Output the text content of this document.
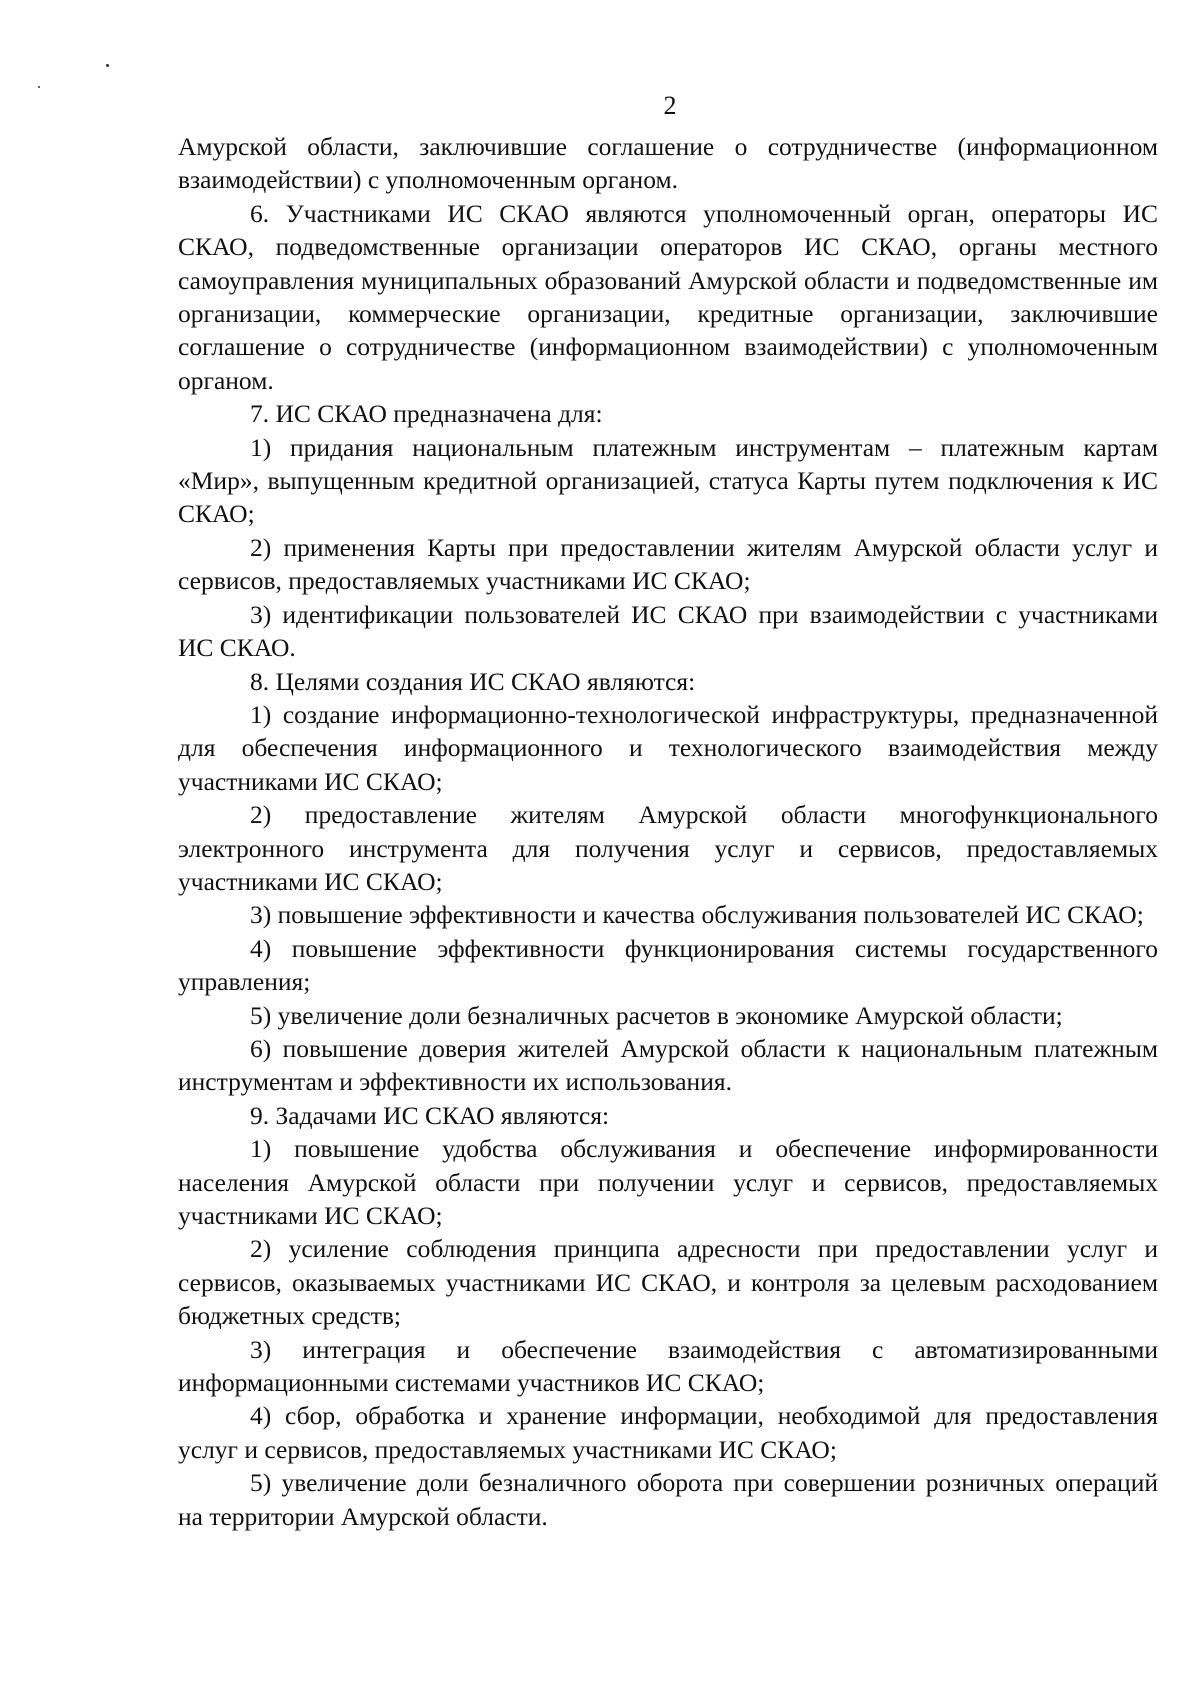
2

Амурской области, заключившие соглашение о сотрудничестве (информационном взаимодействии) с уполномоченным органом.

6. Участниками ИС СКАО являются уполномоченный орган, операторы ИС СКАО, подведомственные организации операторов ИС СКАО, органы местного самоуправления муниципальных образований Амурской области и подведомственные им организации, коммерческие организации, кредитные организации, заключившие соглашение о сотрудничестве (информационном взаимодействии) с уполномоченным органом.

7. ИС СКАО предназначена для:

1) придания национальным платежным инструментам – платежным картам «Мир», выпущенным кредитной организацией, статуса Карты путем подключения к ИС СКАО;

2) применения Карты при предоставлении жителям Амурской области услуг и сервисов, предоставляемых участниками ИС СКАО;

3) идентификации пользователей ИС СКАО при взаимодействии с участниками ИС СКАО.

8. Целями создания ИС СКАО являются:

1) создание информационно-технологической инфраструктуры, предназначенной для обеспечения информационного и технологического взаимодействия между участниками ИС СКАО;

2) предоставление жителям Амурской области многофункционального электронного инструмента для получения услуг и сервисов, предоставляемых участниками ИС СКАО;

3) повышение эффективности и качества обслуживания пользователей ИС СКАО;

4) повышение эффективности функционирования системы государственного управления;

5) увеличение доли безналичных расчетов в экономике Амурской области;

6) повышение доверия жителей Амурской области к национальным платежным инструментам и эффективности их использования.

9. Задачами ИС СКАО являются:

1) повышение удобства обслуживания и обеспечение информированности населения Амурской области при получении услуг и сервисов, предоставляемых участниками ИС СКАО;

2) усиление соблюдения принципа адресности при предоставлении услуг и сервисов, оказываемых участниками ИС СКАО, и контроля за целевым расходованием бюджетных средств;

3) интеграция и обеспечение взаимодействия с автоматизированными информационными системами участников ИС СКАО;

4) сбор, обработка и хранение информации, необходимой для предоставления услуг и сервисов, предоставляемых участниками ИС СКАО;

5) увеличение доли безналичного оборота при совершении розничных операций на территории Амурской области.
